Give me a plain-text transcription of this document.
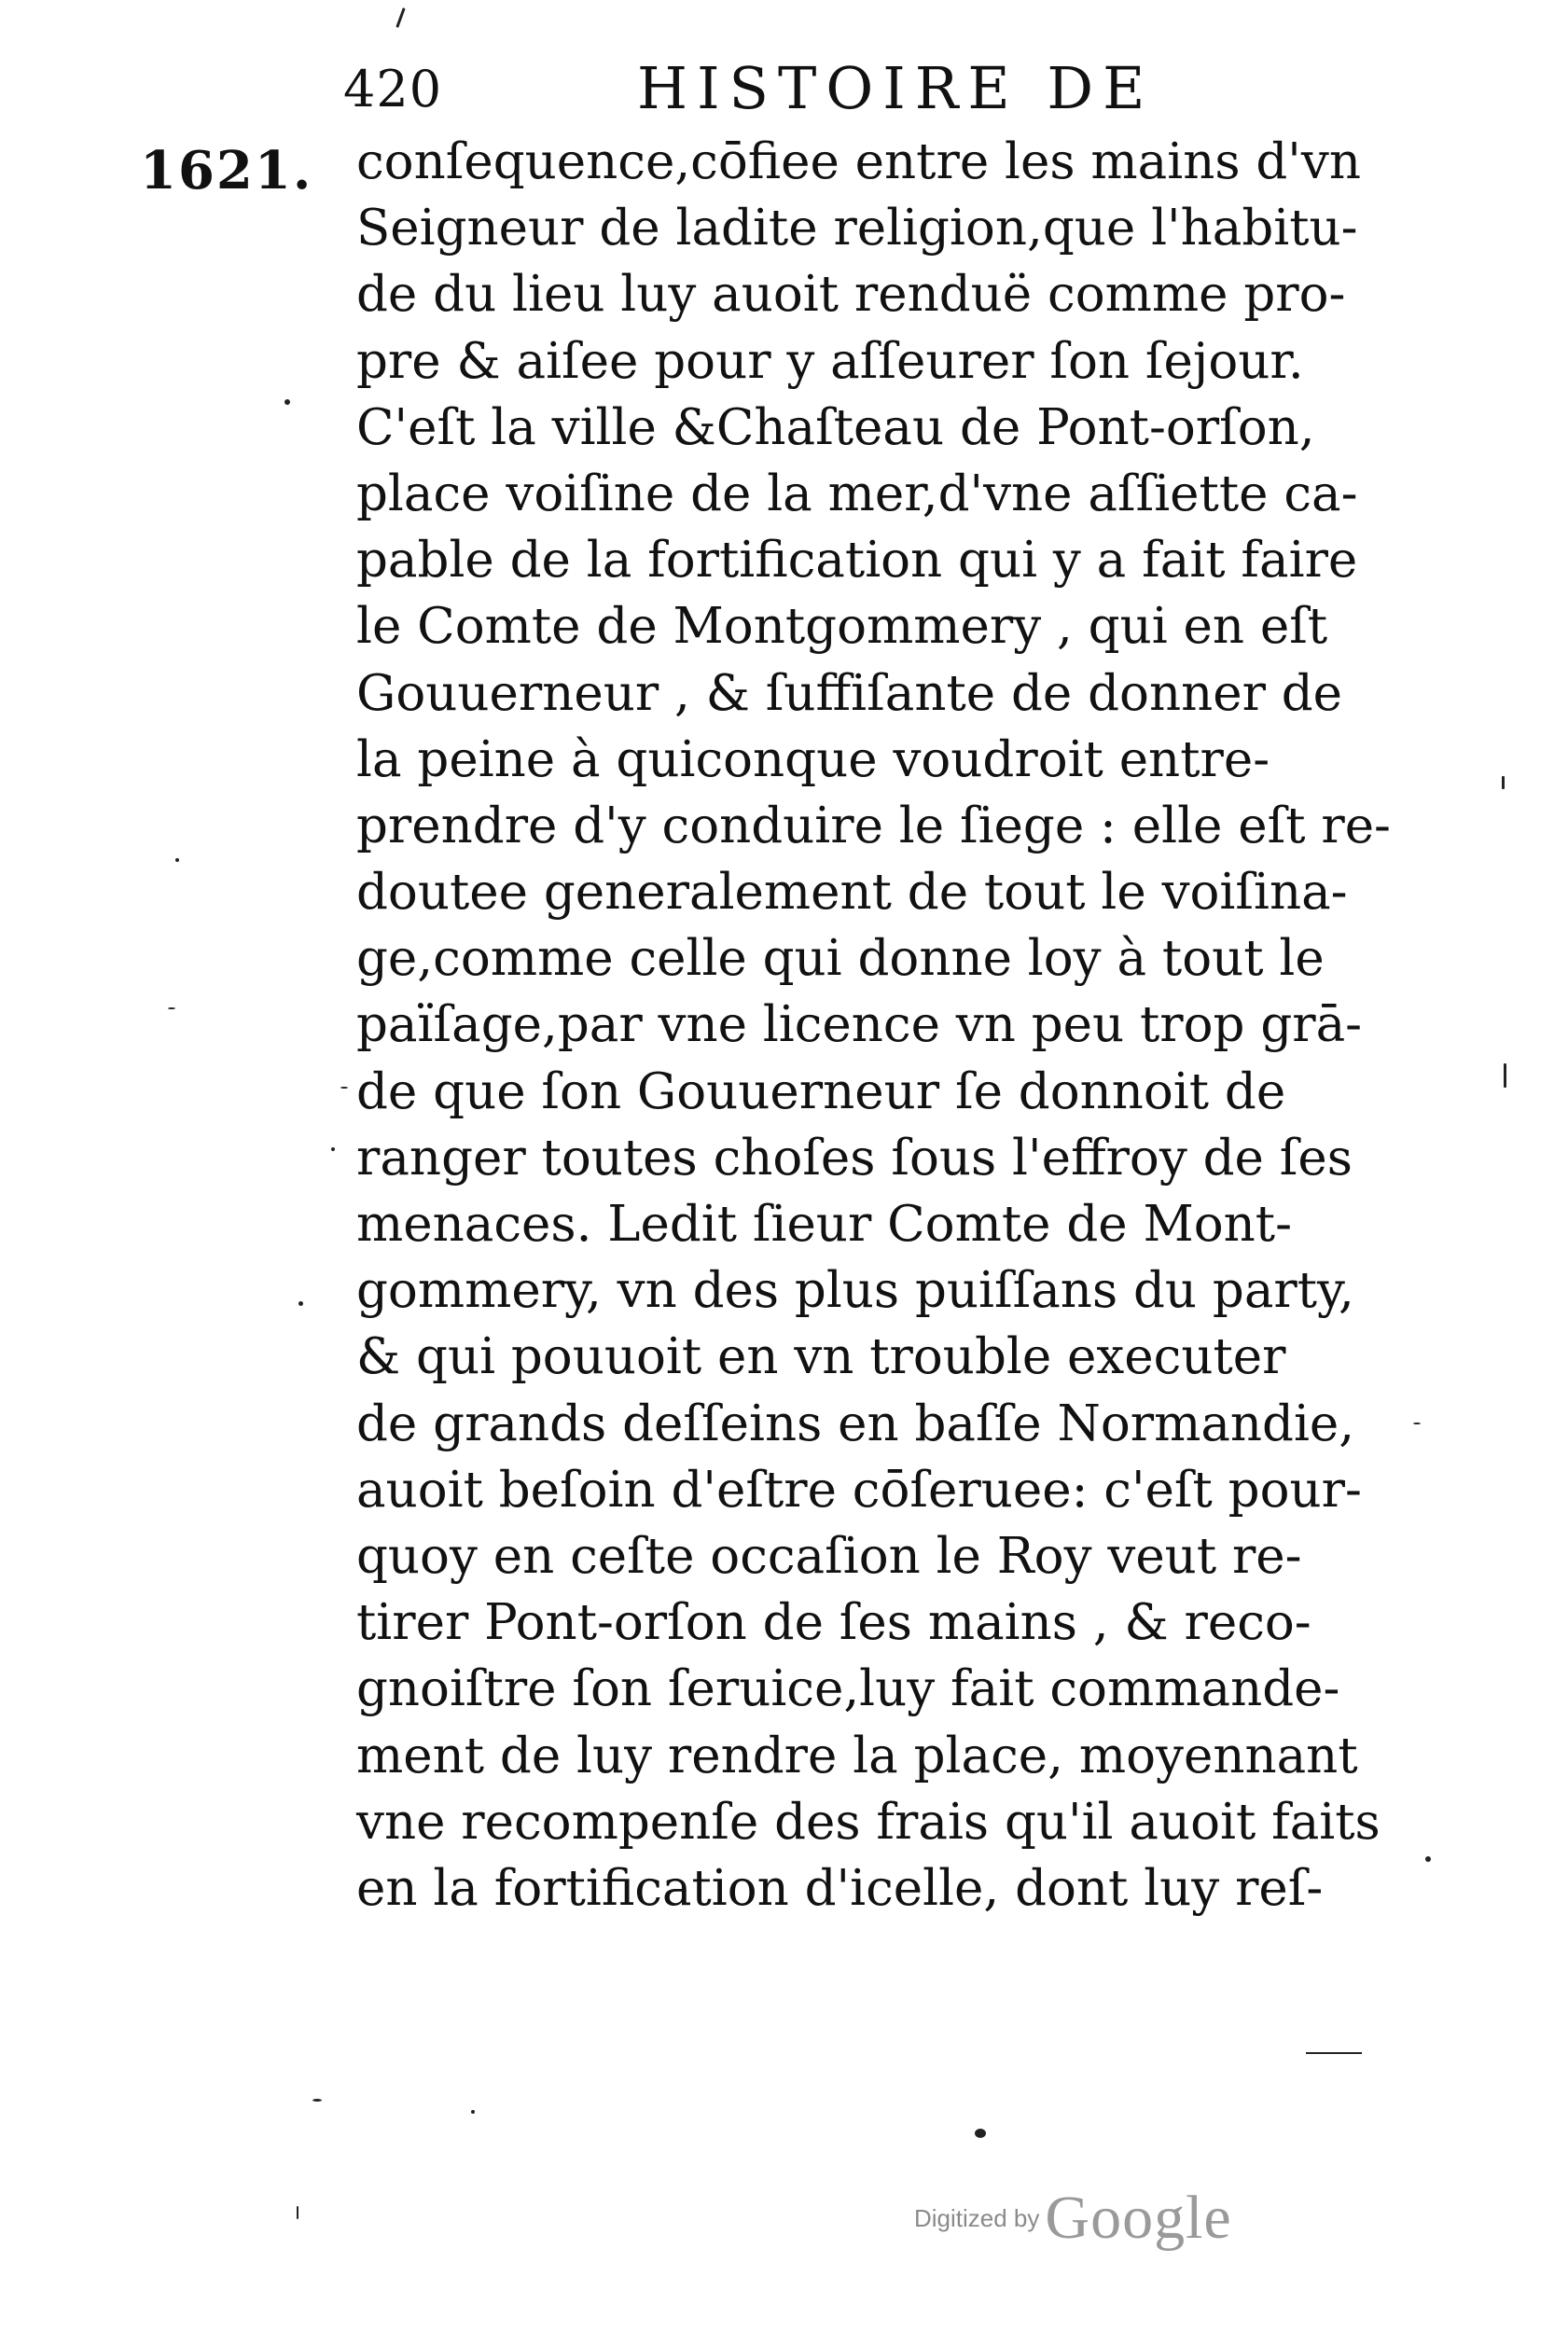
420	HISTOIRE DE
1621. conſequence,cōfiee entre les mains d'vn
Seigneur de ladite religion,que l'habitu-
de du lieu luy auoit renduë comme pro-
pre & aiſee pour y aſſeurer ſon ſejour.
C'eſt la ville &Chaſteau de Pont-orſon,
place voiſine de la mer,d'vne aſſiette ca-
pable de la fortification qui y a fait faire
le Comte de Montgommery , qui en eſt
Gouuerneur , & ſuffiſante de donner de
la peine à quiconque voudroit entre-
prendre d'y conduire le ſiege : elle eſt re-
doutee generalement de tout le voiſina-
ge,comme celle qui donne loy à tout le
païſage,par vne licence vn peu trop grā-
de que ſon Gouuerneur ſe donnoit de
ranger toutes choſes ſous l'effroy de ſes
menaces. Ledit ſieur Comte de Mont-
gommery, vn des plus puiſſans du party,
& qui pouuoit en vn trouble executer
de grands deſſeins en baſſe Normandie,
auoit beſoin d'eſtre cōſeruee: c'eſt pour-
quoy en ceſte occaſion le Roy veut re-
tirer Pont-orſon de ſes mains , & reco-
gnoiſtre ſon ſeruice,luy fait commande-
ment de luy rendre la place, moyennant
vne recompenſe des frais qu'il auoit faits
en la fortification d'icelle, dont luy reſ-
Digitized byGoogle
